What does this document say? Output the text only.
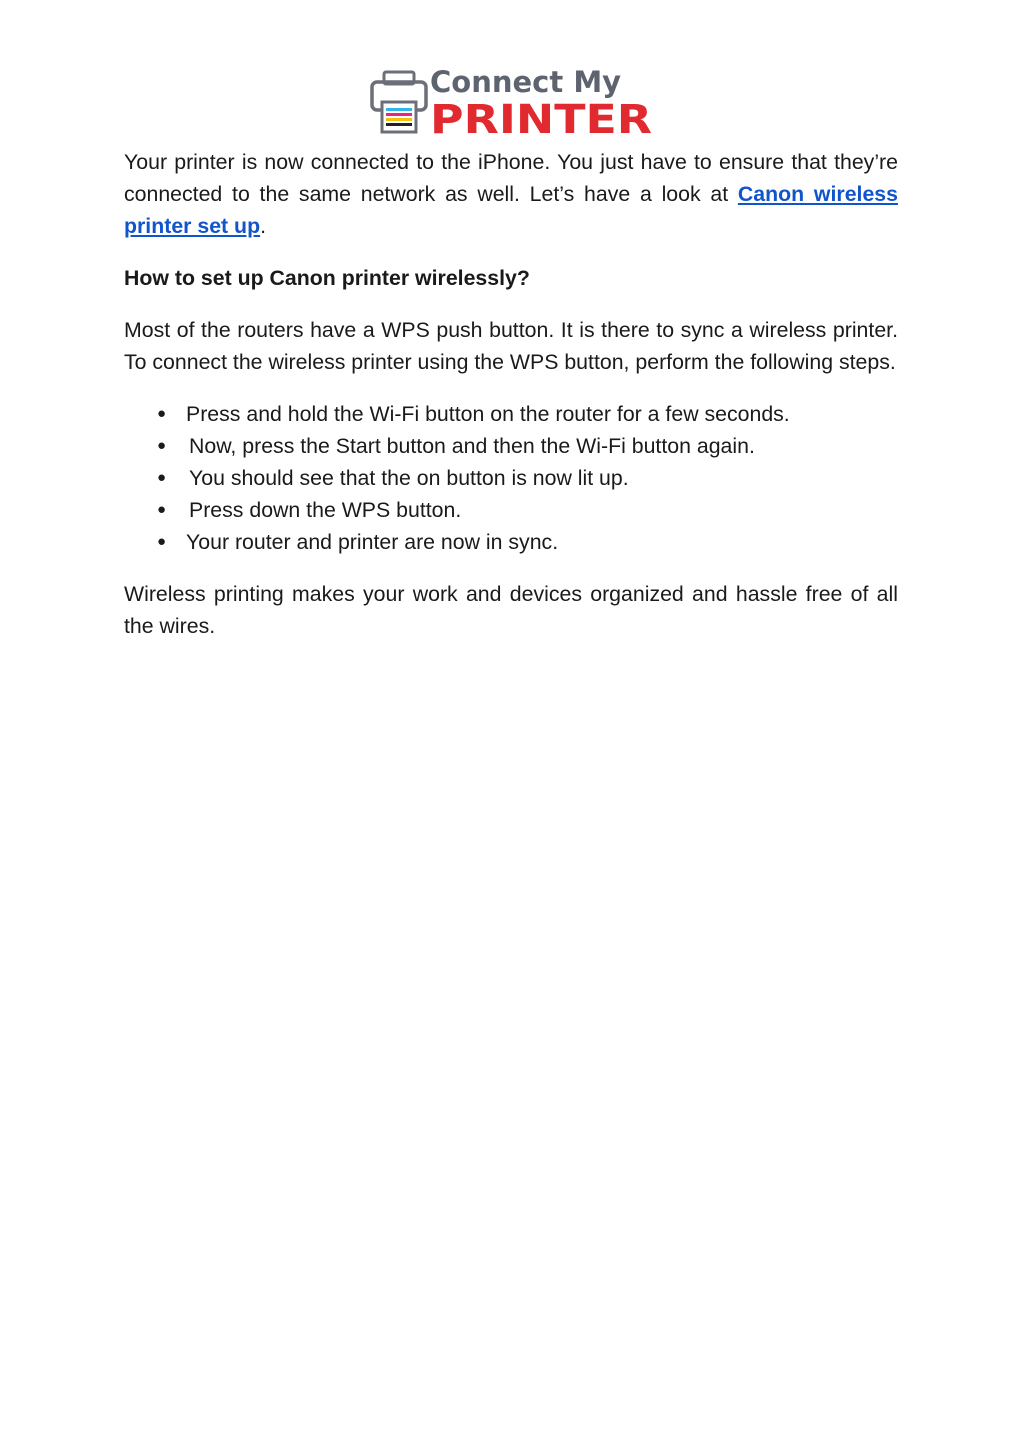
Connect My
PRINTER

Your printer is now connected to the iPhone. You just have to ensure that they’re connected to the same network as well. Let’s have a look at Canon wireless printer set up.

How to set up Canon printer wirelessly?

Most of the routers have a WPS push button. It is there to sync a wireless printer. To connect the wireless printer using the WPS button, perform the following steps.

● Press and hold the Wi-Fi button on the router for a few seconds.
● Now, press the Start button and then the Wi-Fi button again.
● You should see that the on button is now lit up.
● Press down the WPS button.
● Your router and printer are now in sync.

Wireless printing makes your work and devices organized and hassle free of all the wires.
